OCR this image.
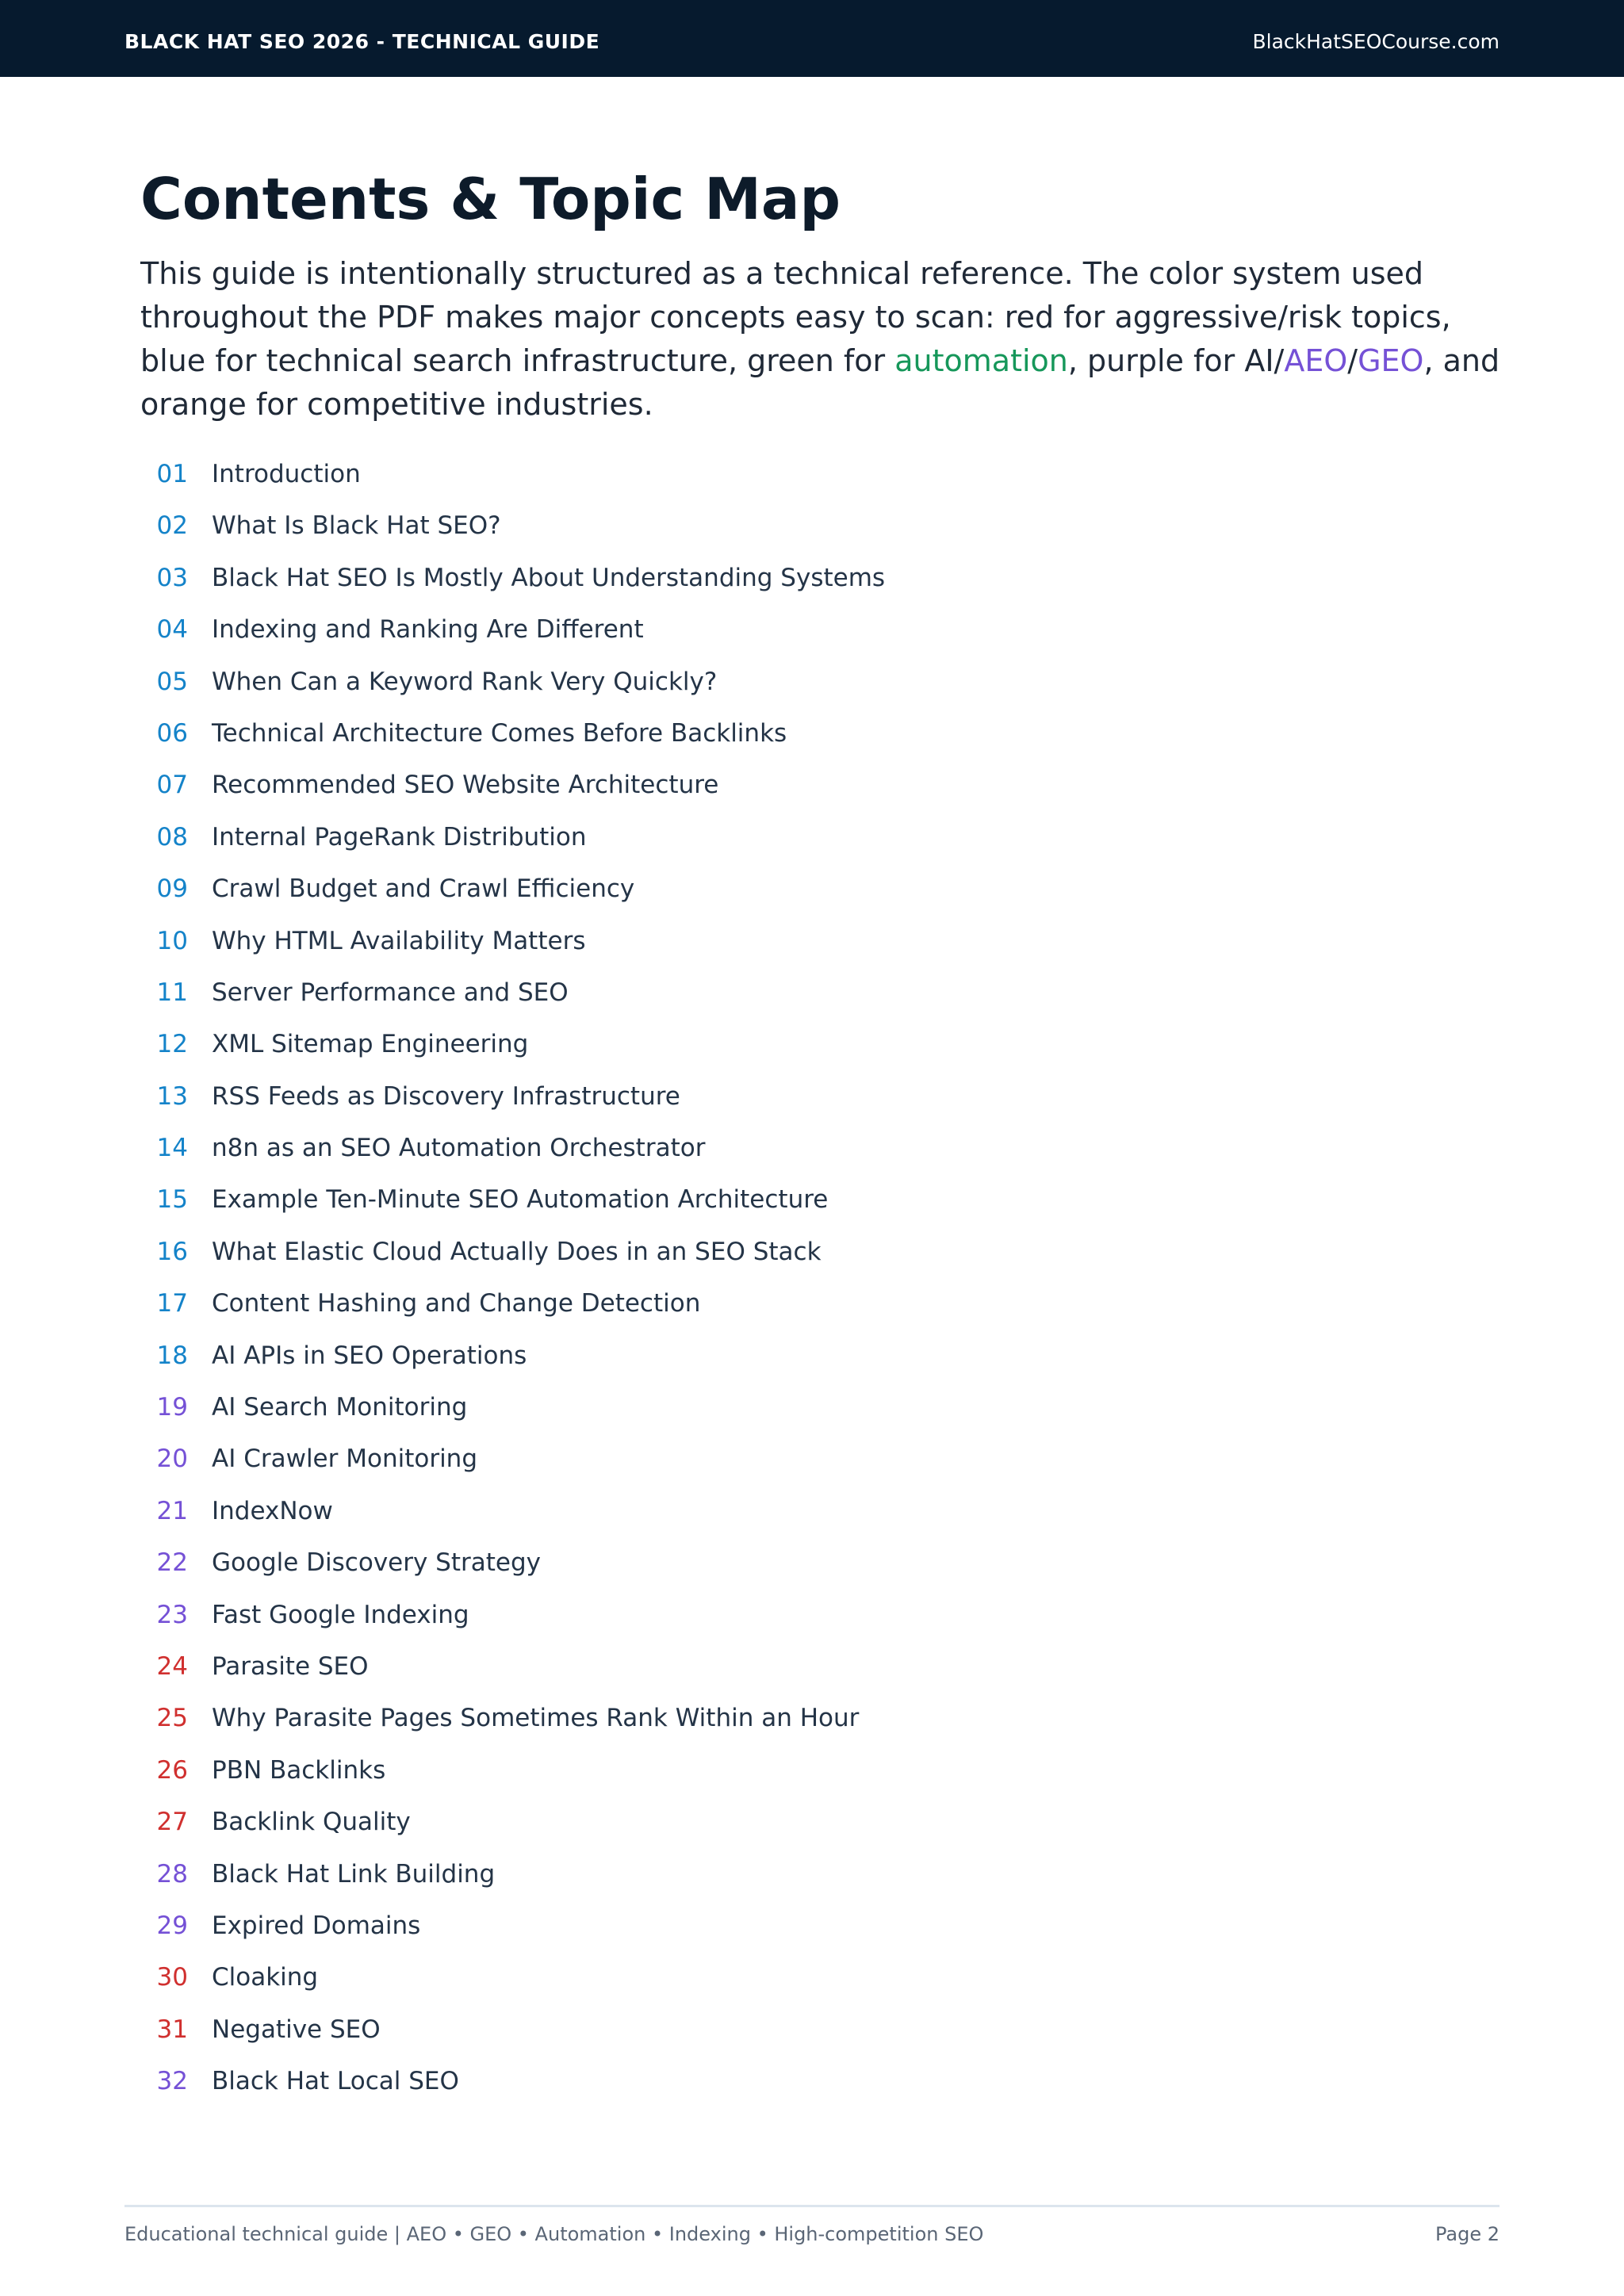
BLACK HAT SEO 2026 - TECHNICAL GUIDE	BlackHatSEOCourse.com
Contents & Topic Map

This guide is intentionally structured as a technical reference. The color system used throughout the PDF makes major concepts easy to scan: red for aggressive/risk topics, blue for technical search infrastructure, green for automation, purple for AI/AEO/GEO, and orange for competitive industries.

01 Introduction
02 What Is Black Hat SEO?
03 Black Hat SEO Is Mostly About Understanding Systems
04 Indexing and Ranking Are Different
05 When Can a Keyword Rank Very Quickly?
06 Technical Architecture Comes Before Backlinks
07 Recommended SEO Website Architecture
08 Internal PageRank Distribution
09 Crawl Budget and Crawl Efficiency
10 Why HTML Availability Matters
11 Server Performance and SEO
12 XML Sitemap Engineering
13 RSS Feeds as Discovery Infrastructure
14 n8n as an SEO Automation Orchestrator
15 Example Ten-Minute SEO Automation Architecture
16 What Elastic Cloud Actually Does in an SEO Stack
17 Content Hashing and Change Detection
18 AI APIs in SEO Operations
19 AI Search Monitoring
20 AI Crawler Monitoring
21 IndexNow
22 Google Discovery Strategy
23 Fast Google Indexing
24 Parasite SEO
25 Why Parasite Pages Sometimes Rank Within an Hour
26 PBN Backlinks
27 Backlink Quality
28 Black Hat Link Building
29 Expired Domains
30 Cloaking
31 Negative SEO
32 Black Hat Local SEO
Educational technical guide | AEO • GEO • Automation • Indexing • High-competition SEO	Page 2
